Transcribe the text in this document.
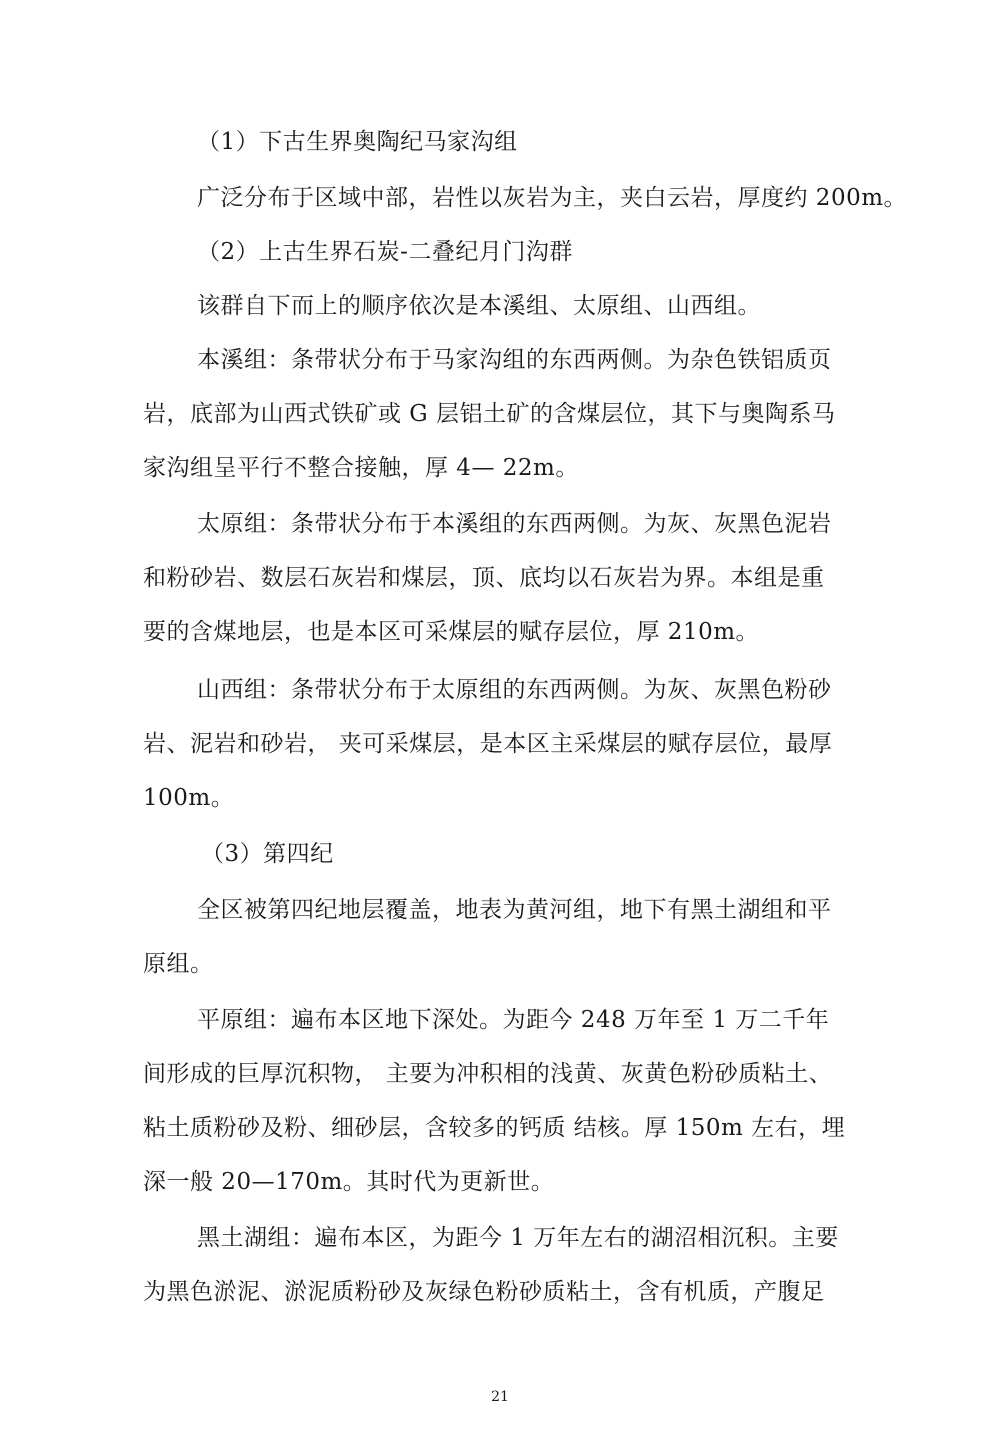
（1）下古生界奥陶纪马家沟组
广泛分布于区域中部，岩性以灰岩为主，夹白云岩，厚度约 200m。
（2）上古生界石炭-二叠纪月门沟群
该群自下而上的顺序依次是本溪组、太原组、山西组。
本溪组：条带状分布于马家沟组的东西两侧。为杂色铁铝质页
岩，底部为山西式铁矿或 G 层铝土矿的含煤层位，其下与奥陶系马
家沟组呈平行不整合接触，厚 4— 22m。
太原组：条带状分布于本溪组的东西两侧。为灰、灰黑色泥岩
和粉砂岩、数层石灰岩和煤层，顶、底均以石灰岩为界。本组是重
要的含煤地层，也是本区可采煤层的赋存层位，厚 210m。
山西组：条带状分布于太原组的东西两侧。为灰、灰黑色粉砂
岩、泥岩和砂岩， 夹可采煤层，是本区主采煤层的赋存层位，最厚
100m。
（3）第四纪
全区被第四纪地层覆盖，地表为黄河组，地下有黑土湖组和平
原组。
平原组：遍布本区地下深处。为距今 248 万年至 1 万二千年
间形成的巨厚沉积物， 主要为冲积相的浅黄、灰黄色粉砂质粘土、
粘土质粉砂及粉、细砂层，含较多的钙质 结核。厚 150m 左右，埋
深一般 20—170m。其时代为更新世。
黑土湖组：遍布本区，为距今 1 万年左右的湖沼相沉积。主要
为黑色淤泥、淤泥质粉砂及灰绿色粉砂质粘土，含有机质，产腹足
21
